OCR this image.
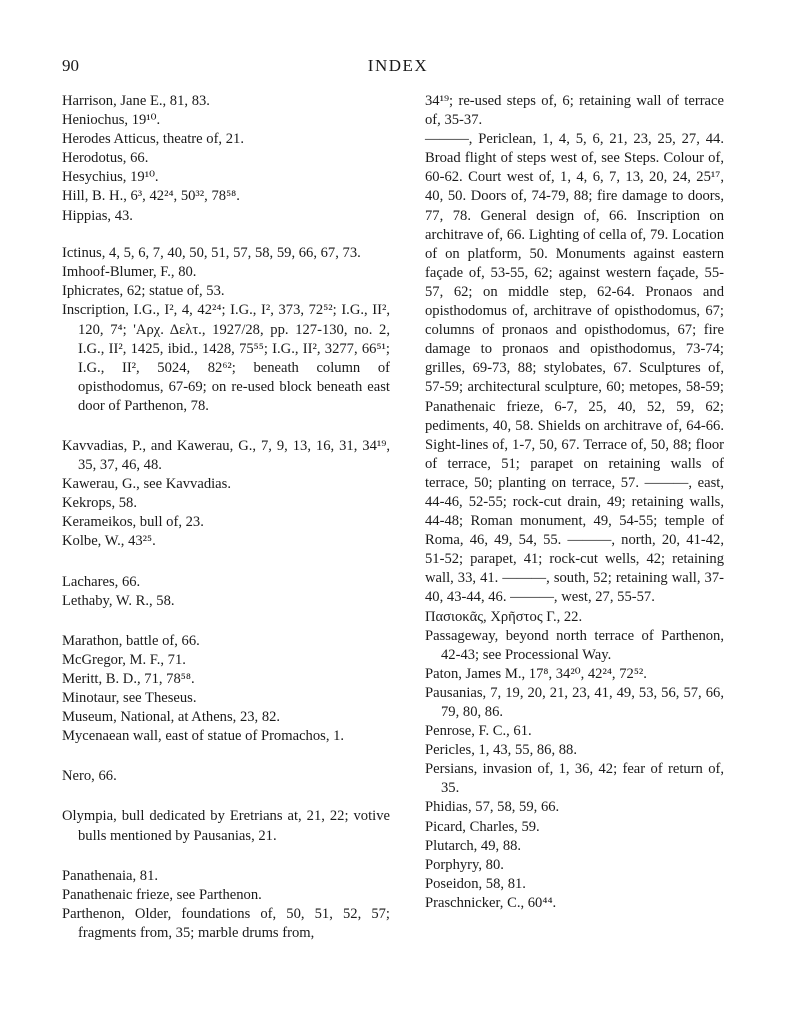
90	INDEX
Harrison, Jane E., 81, 83.
Heniochus, 19¹⁰.
Herodes Atticus, theatre of, 21.
Herodotus, 66.
Hesychius, 19¹⁰.
Hill, B. H., 6³, 42²⁴, 50³², 78⁵⁸.
Hippias, 43.
Ictinus, 4, 5, 6, 7, 40, 50, 51, 57, 58, 59, 66, 67, 73.
Imhoof-Blumer, F., 80.
Iphicrates, 62; statue of, 53.
Inscription, I.G., I², 4, 42²⁴; I.G., I², 373, 72⁵²; I.G., II², 120, 7⁴; 'Αρχ. Δελτ., 1927/28, pp. 127-130, no. 2, I.G., II², 1425, ibid., 1428, 75⁵⁵; I.G., II², 3277, 66⁵¹; I.G., II², 5024, 82⁶²; beneath column of opisthodomus, 67-69; on re-used block beneath east door of Parthenon, 78.
Kavvadias, P., and Kawerau, G., 7, 9, 13, 16, 31, 34¹⁹, 35, 37, 46, 48.
Kawerau, G., see Kavvadias.
Kekrops, 58.
Kerameikos, bull of, 23.
Kolbe, W., 43²⁵.
Lachares, 66.
Lethaby, W. R., 58.
Marathon, battle of, 66.
McGregor, M. F., 71.
Meritt, B. D., 71, 78⁵⁸.
Minotaur, see Theseus.
Museum, National, at Athens, 23, 82.
Mycenaean wall, east of statue of Promachos, 1.
Nero, 66.
Olympia, bull dedicated by Eretrians at, 21, 22; votive bulls mentioned by Pausanias, 21.
Panathenaia, 81.
Panathenaic frieze, see Parthenon.
Parthenon, Older, foundations of, 50, 51, 52, 57; fragments from, 35; marble drums from,
34¹⁹; re-used steps of, 6; retaining wall of terrace of, 35-37.
———, Periclean, 1, 4, 5, 6, 21, 23, 25, 27, 44. Broad flight of steps west of, see Steps. Colour of, 60-62. Court west of, 1, 4, 6, 7, 13, 20, 24, 25¹⁷, 40, 50. Doors of, 74-79, 88; fire damage to doors, 77, 78. General design of, 66. Inscription on architrave of, 66. Lighting of cella of, 79. Location of on platform, 50. Monuments against eastern façade of, 53-55, 62; against western façade, 55-57, 62; on middle step, 62-64. Pronaos and opisthodomus of, architrave of opisthodomus, 67; columns of pronaos and opisthodomus, 67; fire damage to pronaos and opisthodomus, 73-74; grilles, 69-73, 88; stylobates, 67. Sculptures of, 57-59; architectural sculpture, 60; metopes, 58-59; Panathenaic frieze, 6-7, 25, 40, 52, 59, 62; pediments, 40, 58. Shields on architrave of, 64-66. Sight-lines of, 1-7, 50, 67. Terrace of, 50, 88; floor of terrace, 51; parapet on retaining walls of terrace, 50; planting on terrace, 57. ———, east, 44-46, 52-55; rock-cut drain, 49; retaining walls, 44-48; Roman monument, 49, 54-55; temple of Roma, 46, 49, 54, 55. ———, north, 20, 41-42, 51-52; parapet, 41; rock-cut wells, 42; retaining wall, 33, 41. ———, south, 52; retaining wall, 37-40, 43-44, 46. ———, west, 27, 55-57.
Πασιοκᾶς, Χρῆστος Γ., 22.
Passageway, beyond north terrace of Parthenon, 42-43; see Processional Way.
Paton, James M., 17⁸, 34²⁰, 42²⁴, 72⁵².
Pausanias, 7, 19, 20, 21, 23, 41, 49, 53, 56, 57, 66, 79, 80, 86.
Penrose, F. C., 61.
Pericles, 1, 43, 55, 86, 88.
Persians, invasion of, 1, 36, 42; fear of return of, 35.
Phidias, 57, 58, 59, 66.
Picard, Charles, 59.
Plutarch, 49, 88.
Porphyry, 80.
Poseidon, 58, 81.
Praschnicker, C., 60⁴⁴.
